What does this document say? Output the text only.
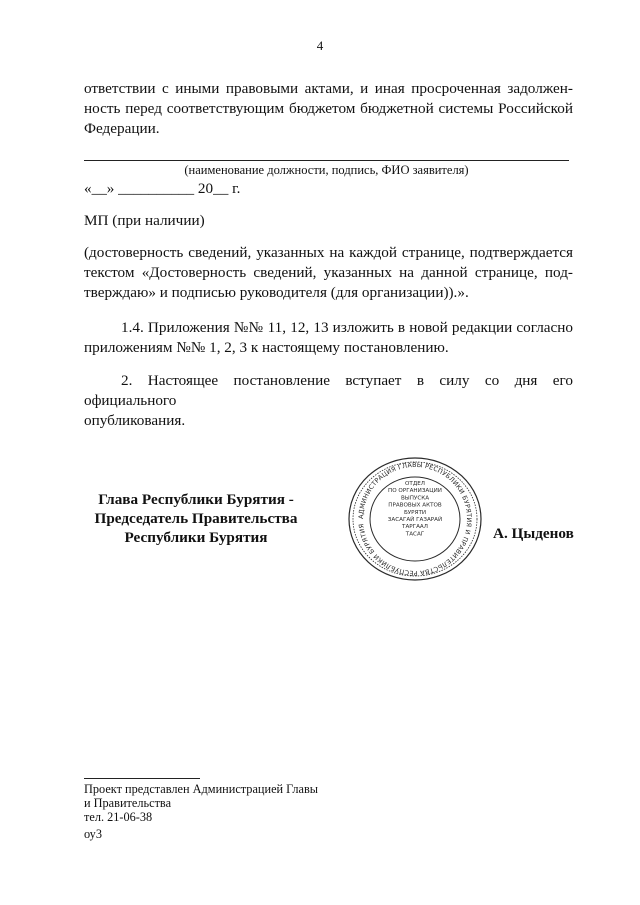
4
ответствии с иными правовыми актами, и иная просроченная задолжен-
ность перед соответствующим бюджетом бюджетной системы Российской
Федерации.
(наименование должности, подпись, ФИО заявителя)
«__» __________ 20__ г.
МП (при наличии)
(достоверность сведений, указанных на каждой странице, подтверждается
текстом «Достоверность сведений, указанных на данной странице, под-
тверждаю» и подписью руководителя (для организации)).».
1.4. Приложения №№ 11, 12, 13 изложить в новой редакции согласно
приложениям №№ 1, 2, 3 к настоящему постановлению.
2. Настоящее постановление вступает в силу со дня его официального
опубликования.
Глава Республики Бурятия -
Председатель Правительства
Республики Бурятия
АДМИНИСТРАЦИЯ ГЛАВЫ РЕСПУБЛИКИ БУРЯТИЯ И ПРАВИТЕЛЬСТВА РЕСПУБЛИКИ БУРЯТИЯ
ОТДЕЛ
ПО ОРГАНИЗАЦИИ
ВЫПУСКА
ПРАВОВЫХ АКТОВ
БУРЯТИ
ЗАСАГАЙ ГАЗАРАЙ
ТАРГААЛ
ТАСАГ	А. Цыденов
Проект представлен Администрацией Главы
и Правительства
тел. 21-06-38
оу3
